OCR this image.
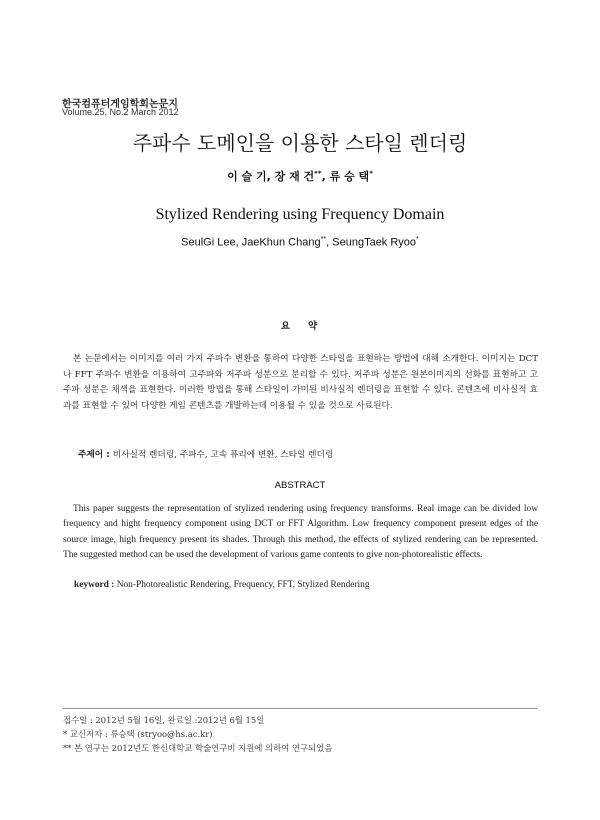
한국컴퓨터게임학회논문지
Volume.25, No.2 March 2012
주파수 도메인을 이용한 스타일 렌더링
이 슬 기, 장 재 건**, 류 승 택*
Stylized Rendering using Frequency Domain
SeulGi Lee, JaeKhun Chang**, SeungTaek Ryoo*
요 약
본 논문에서는 이미지를 여러 가지 주파수 변환을 통하여 다양한 스타일을 표현하는 방법에 대해 소개한다. 이미지는 DCT나 FFT 주파수 변환을 이용하여 고주파와 저주파 성분으로 분리할 수 있다. 저주파 성분은 원본이미지의 선화를 표현하고 고주파 성분은 채색을 표현한다. 이러한 방법을 통해 스타일이 가미된 비사실적 렌더링을 표현할 수 있다. 콘텐츠에 비사실적 효과를 표현할 수 있어 다양한 게임 콘텐츠를 개발하는데 이용될 수 있을 것으로 사료된다.
주제어 : 비사실적 렌더링, 주파수, 고속 퓨리에 변환, 스타일 렌더링
ABSTRACT
This paper suggests the representation of stylized rendering using frequency transforms. Real image can be divided low frequency and hight frequency component using DCT or FFT Algorithm. Low frequency component present edges of the source image, high frequency present its shades. Through this method, the effects of stylized rendering can be represented. The suggested method can be used the development of various game contents to give non-photorealistic effects.
keyword : Non-Photorealistic Rendering, Frequency, FFT, Stylized Rendering
접수일 : 2012년 5월 16일, 완료일 :2012년 6월 15일
* 교신저자 : 류승택 (stryoo@hs.ac.kr)
** 본 연구는 2012년도 한신대학교 학술연구비 지원에 의하여 연구되었음
